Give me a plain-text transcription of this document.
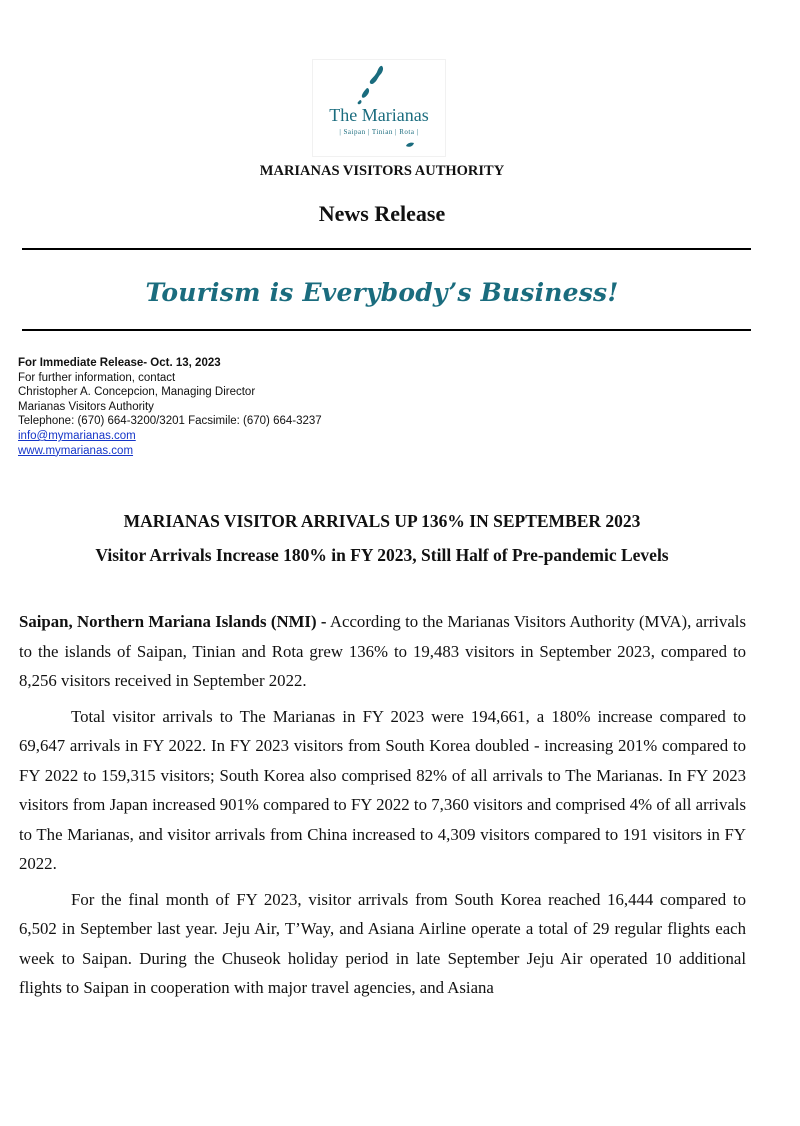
The Marianas
| Saipan | Tinian | Rota |
MARIANAS VISITORS AUTHORITY
News Release
Tourism is Everybody’s Business!
For Immediate Release- Oct. 13, 2023
For further information, contact
Christopher A. Concepcion, Managing Director
Marianas Visitors Authority
Telephone: (670) 664-3200/3201 Facsimile: (670) 664-3237
info@mymarianas.com
www.mymarianas.com
MARIANAS VISITOR ARRIVALS UP 136% IN SEPTEMBER 2023
Visitor Arrivals Increase 180% in FY 2023, Still Half of Pre-pandemic Levels

Saipan, Northern Mariana Islands (NMI) - According to the Marianas Visitors Authority (MVA), arrivals to the islands of Saipan, Tinian and Rota grew 136% to 19,483 visitors in September 2023, compared to 8,256 visitors received in September 2022.

Total visitor arrivals to The Marianas in FY 2023 were 194,661, a 180% increase compared to 69,647 arrivals in FY 2022. In FY 2023 visitors from South Korea doubled - increasing 201% compared to FY 2022 to 159,315 visitors; South Korea also comprised 82% of all arrivals to The Marianas. In FY 2023 visitors from Japan increased 901% compared to FY 2022 to 7,360 visitors and comprised 4% of all arrivals to The Marianas, and visitor arrivals from China increased to 4,309 visitors compared to 191 visitors in FY 2022.

For the final month of FY 2023, visitor arrivals from South Korea reached 16,444 compared to 6,502 in September last year. Jeju Air, T’Way, and Asiana Airline operate a total of 29 regular flights each week to Saipan. During the Chuseok holiday period in late September Jeju Air operated 10 additional flights to Saipan in cooperation with major travel agencies, and Asiana
